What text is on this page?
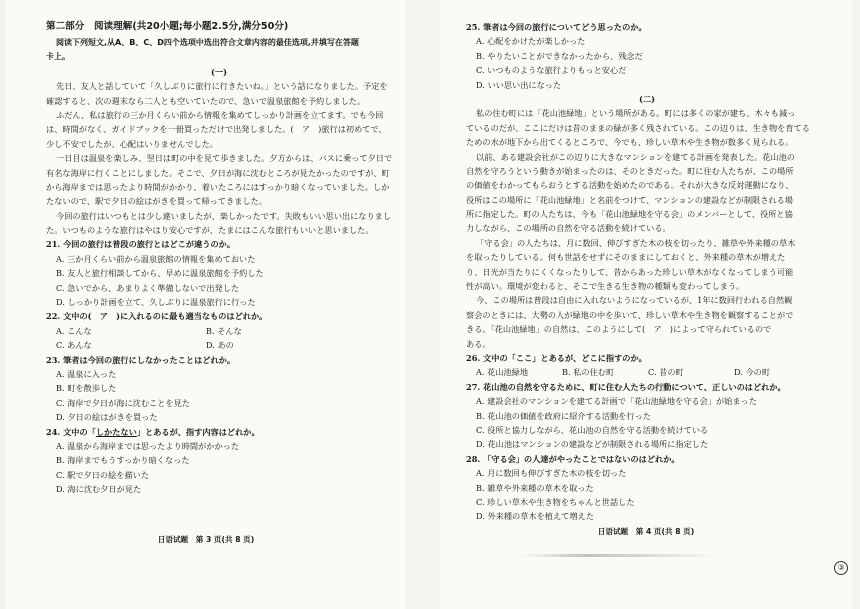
第二部分　阅读理解(共20小题;每小题2.5分,满分50分)
阅读下列短文,从A、B、C、D四个选项中选出符合文章内容的最佳选项,并填写在答题
卡上。
(一)
先日、友人と話していて「久しぶりに旅行に行きたいね。」という話になりました。予定を
確認すると、次の週末なら二人とも空いていたので、急いで温泉旅館を予約しました。
ふだん、私は旅行の三か月くらい前から情報を集めてしっかり計画を立てます。でも今回
は、時間がなく、ガイドブックを一冊買っただけで出発しました。(　ア　)旅行は初めてで、
少し不安でしたが、心配はいりませんでした。
一日目は温泉を楽しみ、翌日は町の中を見て歩きました。夕方からは、バスに乗って夕日で
有名な海岸に行くことにしました。そこで、夕日が海に沈むところが見たかったのですが、町
から海岸までは思ったより時間がかかり、着いたころにはすっかり暗くなっていました。しか
たないので、駅で夕日の絵はがきを買って帰ってきました。
今回の旅行はいつもとは少し違いましたが、楽しかったです。失敗もいい思い出になりまし
た。いつものような旅行はやはり安心ですが、たまにはこんな旅行もいいと思いました。
21. 今回の旅行は普段の旅行とはどこが違うのか。
A. 三か月くらい前から温泉旅館の情報を集めておいた
B. 友人と旅行相談してから、早めに温泉旅館を予約した
C. 急いでから、あまりよく準備しないで出発した
D. しっかり計画を立て、久しぶりに温泉旅行に行った
22. 文中の(　ア　)に入れるのに最も適当なものはどれか。
A. こんな	B. そんな
C. あんな	D. あの
23. 筆者は今回の旅行にしなかったことはどれか。
A. 温泉に入った
B. 町を散歩した
C. 海岸で夕日が海に沈むことを見た
D. 夕日の絵はがきを買った
24. 文中の「しかたない」とあるが、指す内容はどれか。
A. 温泉から海岸までは思ったより時間がかかった
B. 海岸までもうすっかり暗くなった
C. 駅で夕日の絵を描いた
D. 海に沈む夕日が見た
日语试题　第 3 页(共 8 页)
25. 筆者は今回の旅行についてどう思ったのか。
A. 心配をかけたが楽しかった
B. やりたいことができなかったから、残念だ
C. いつものような旅行よりもっと安心だ
D. いい思い出になった
(二)
私の住む町には「花山池緑地」という場所がある。町には多くの家が建ち、木々も減っ
ているのだが、ここにだけは昔のままの緑が多く残されている。この辺りは、生き物を育てる
ための水が地下から出てくるところで、今でも、珍しい草木や生き物が数多く見られる。
以前、ある建設会社がこの辺りに大きなマンションを建てる計画を発表した。花山池の
自然を守ろうという動きが始まったのは、そのときだった。町に住む人たちが、この場所
の価値をわかってもらおうとする活動を始めたのである。それが大きな反対運動になり、
役所はこの場所に「花山池緑地」と名前をつけて、マンションの建設などが制限される場
所に指定した。町の人たちは、今も「花山池緑地を守る会」のメンバーとして、役所と協
力しながら、この場所の自然を守る活動を続けている。
「守る会」の人たちは、月に数回、伸びすぎた木の枝を切ったり、雑草や外来種の草木
を取ったりしている。何も世話をせずにそのままにしておくと、外来種の草木が増えた
り、日光が当たりにくくなったりして、昔からあった珍しい草木がなくなってしまう可能
性が高い。環境が変わると、そこで生きる生き物の種類も変わってしまう。
今、この場所は普段は自由に入れないようになっているが、1年に数回行われる自然観
察会のときには、大勢の人が緑地の中を歩いて、珍しい草木や生き物を観察することがで
きる。「花山池緑地」の自然は、このようにして(　ア　)によって守られているので
ある。
26. 文中の「ここ」とあるが、どこに指すのか。
A. 花山池緑地	B. 私の住む町	C. 昔の町	D. 今の町
27. 花山池の自然を守るために、町に住む人たちの行動について、正しいのはどれか。
A. 建設会社のマンションを建てる計画で「花山池緑地を守る会」が始まった
B. 花山池の価値を政府に紹介する活動を行った
C. 役所と協力しながら、花山池の自然を守る活動を続けている
D. 花山池はマンションの建設などが制限される場所に指定した
28. 「守る会」の人達がやったことではないのはどれか。
A. 月に数回も伸びすぎた木の枝を切った
B. 雑草や外来種の草木を取った
C. 珍しい草木や生き物をちゃんと世話した
D. 外来種の草木を植えて増えた
日语试题　第 4 页(共 8 页)
③
